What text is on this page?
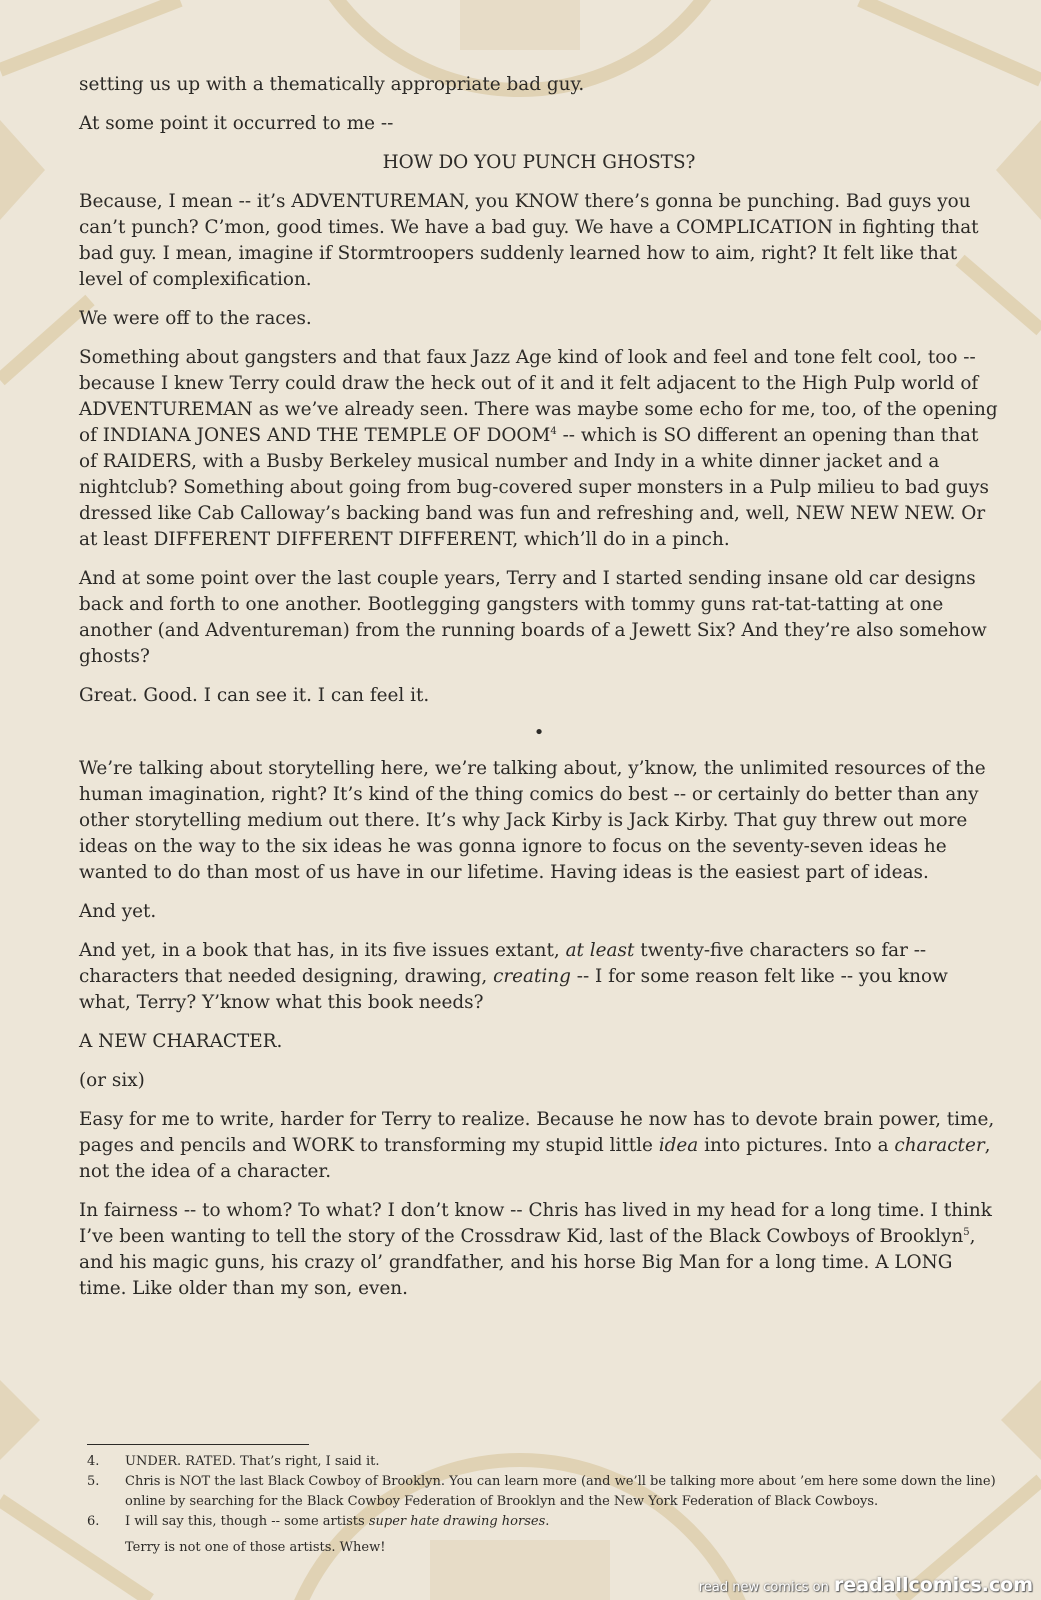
setting us up with a thematically appropriate bad guy.

At some point it occurred to me --

HOW DO YOU PUNCH GHOSTS?

Because, I mean -- it’s ADVENTUREMAN, you KNOW there’s gonna be punching. Bad guys you can’t punch? C’mon, good times. We have a bad guy. We have a COMPLICATION in fighting that bad guy. I mean, imagine if Stormtroopers suddenly learned how to aim, right? It felt like that level of complexification.

We were off to the races.

Something about gangsters and that faux Jazz Age kind of look and feel and tone felt cool, too -- because I knew Terry could draw the heck out of it and it felt adjacent to the High Pulp world of ADVENTUREMAN as we’ve already seen. There was maybe some echo for me, too, of the opening of INDIANA JONES AND THE TEMPLE OF DOOM$^4$ -- which is SO different an opening than that of RAIDERS, with a Busby Berkeley musical number and Indy in a white dinner jacket and a nightclub? Something about going from bug-covered super monsters in a Pulp milieu to bad guys dressed like Cab Calloway’s backing band was fun and refreshing and, well, NEW NEW NEW. Or at least DIFFERENT DIFFERENT DIFFERENT, which’ll do in a pinch.

And at some point over the last couple years, Terry and I started sending insane old car designs back and forth to one another. Bootlegging gangsters with tommy guns rat-tat-tatting at one another (and Adventureman) from the running boards of a Jewett Six? And they’re also somehow ghosts?

Great. Good. I can see it. I can feel it.

•

We’re talking about storytelling here, we’re talking about, y’know, the unlimited resources of the human imagination, right? It’s kind of the thing comics do best -- or certainly do better than any other storytelling medium out there. It’s why Jack Kirby is Jack Kirby. That guy threw out more ideas on the way to the six ideas he was gonna ignore to focus on the seventy-seven ideas he wanted to do than most of us have in our lifetime. Having ideas is the easiest part of ideas.

And yet.

And yet, in a book that has, in its five issues extant, at least twenty-five characters so far -- characters that needed designing, drawing, creating -- I for some reason felt like -- you know what, Terry? Y’know what this book needs?

A NEW CHARACTER.

(or six)

Easy for me to write, harder for Terry to realize. Because he now has to devote brain power, time, pages and pencils and WORK to transforming my stupid little idea into pictures. Into a character, not the idea of a character.

In fairness -- to whom? To what? I don’t know -- Chris has lived in my head for a long time. I think I’ve been wanting to tell the story of the Crossdraw Kid, last of the Black Cowboys of Brooklyn$^5$, and his magic guns, his crazy ol’ grandfather, and his horse Big Man for a long time. A LONG time. Like older than my son, even.

4.	UNDER. RATED. That’s right, I said it.
5.	Chris is NOT the last Black Cowboy of Brooklyn. You can learn more (and we’ll be talking more about ’em here some down the line) online by searching for the Black Cowboy Federation of Brooklyn and the New York Federation of Black Cowboys.
6.	I will say this, though -- some artists super hate drawing horses.
Terry is not one of those artists. Whew!
read new comics on readallcomics.com
